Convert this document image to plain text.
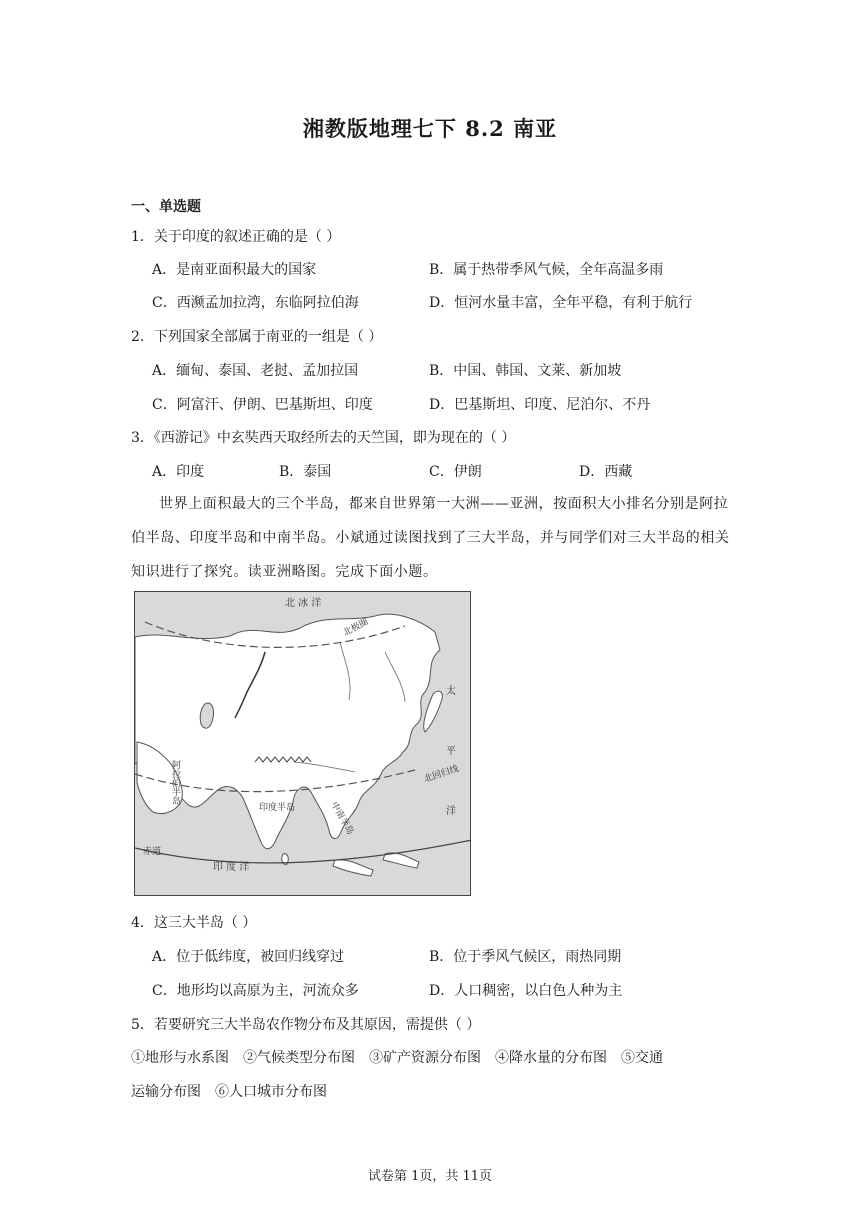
湘教版地理七下 8.2 南亚
一、单选题
1．关于印度的叙述正确的是（ ）
A．是南亚面积最大的国家	B．属于热带季风气候，全年高温多雨
C．西濒孟加拉湾，东临阿拉伯海	D．恒河水量丰富，全年平稳，有利于航行
2．下列国家全部属于南亚的一组是（ ）
A．缅甸、泰国、老挝、孟加拉国	B．中国、韩国、文莱、新加坡
C．阿富汗、伊朗、巴基斯坦、印度	D．巴基斯坦、印度、尼泊尔、不丹
3．《西游记》中玄奘西天取经所去的天竺国，即为现在的（ ）
A．印度	B．泰国	C．伊朗	D．西藏
世界上面积最大的三个半岛，都来自世界第一大洲——亚洲，按面积大小排名分别是阿拉伯半岛、印度半岛和中南半岛。小斌通过读图找到了三大半岛，并与同学们对三大半岛的相关知识进行了探究。读亚洲略图。完成下面小题。
北 冰 洋
北极圈
太
平
洋
北回归线
阿拉伯半岛
印度半岛	中南半岛
赤道
印 度 洋
4．这三大半岛（ ）
A．位于低纬度，被回归线穿过	B．位于季风气候区，雨热同期
C．地形均以高原为主，河流众多	D．人口稠密，以白色人种为主
5．若要研究三大半岛农作物分布及其原因，需提供（ ）
①地形与水系图　②气候类型分布图　③矿产资源分布图　④降水量的分布图　⑤交通
运输分布图　⑥人口城市分布图
试卷第 1页，共 11页
